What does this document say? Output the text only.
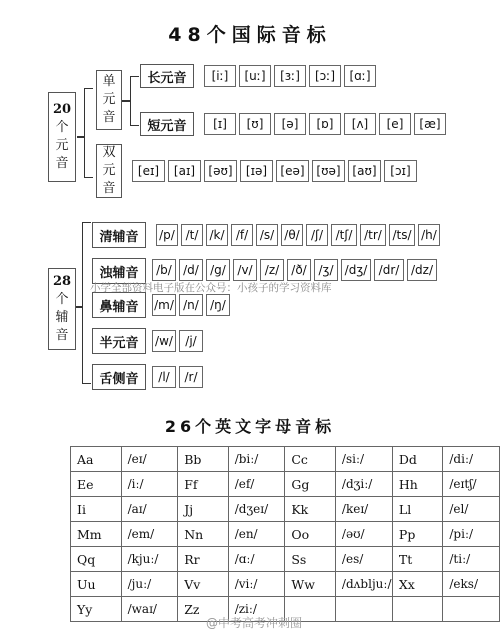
48个国际音标
20
个
元
音
单
元
音
长元音	[iː]	[uː]	[ɜː]	[ɔː]	[ɑː]
短元音	[ɪ]	[ʊ]	[ə]	[ɒ]	[ʌ]	[e]	[æ]
双
元
音
[eɪ]	[aɪ]	[əʊ]	[ɪə]	[eə] [ʊə] [aʊ]	[ɔɪ]
28
个
辅
音
清辅音	/p/ /t/ /k/ /f/ /s/ /θ/ /ʃ/	/tʃ/ /tr/ /ts/ /h/
浊辅音	/b/ /d/ /g/ /v/	/z/	/ð/ /ʒ/ /dʒ/ /dr/ /dz/
鼻辅音	/m/ /n/ /ŋ/
半元音	/w/	/j/
舌侧音	/l/	/r/
小学全部资料电子版在公众号：小孩子的学习资料库
26个英文字母音标
Aa	/eɪ/	Bb	/biː/	Cc	/siː/	Dd	/diː/
Ee	/iː/	Ff	/ef/	Gg	/dʒiː/	Hh	/eɪtʃ/
Ii	/aɪ/	Jj	/dʒeɪ/	Kk	/keɪ/	Ll	/el/
Mm	/em/	Nn	/en/	Oo	/əʊ/	Pp	/piː/
Qq	/kjuː/	Rr	/ɑː/	Ss	/es/	Tt	/tiː/
Uu	/juː/	Vv	/viː/	Ww	/dʌbljuː/	Xx	/eks/
Yy	/waɪ/	Zz	/ziː/				
@中考高考冲刺圈
